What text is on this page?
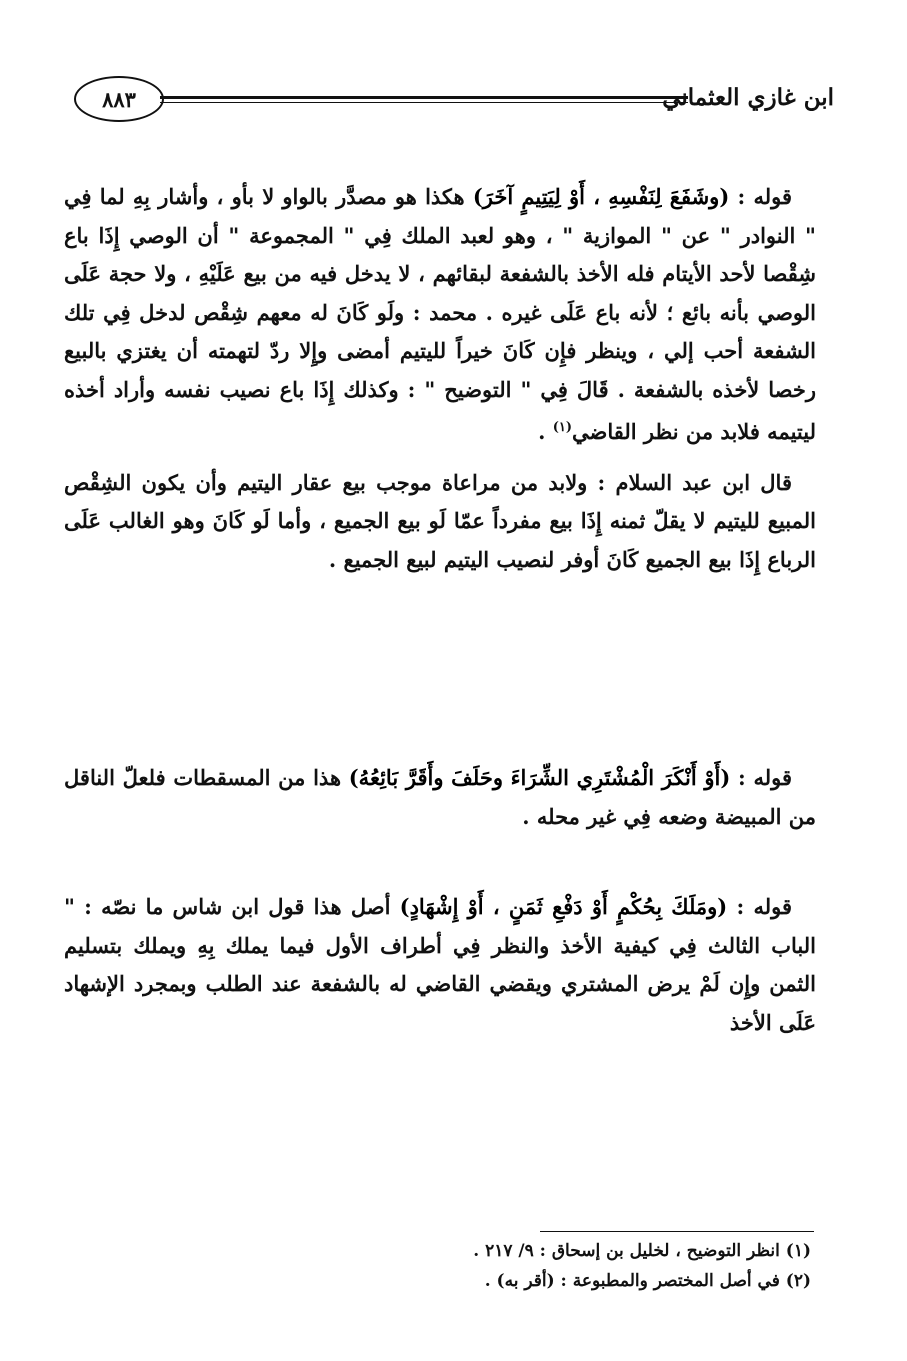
٨٨٣	ابن غازي العثماني

قوله : (وشَفَعَ لِنَفْسِهِ ، أَوْ لِيَتِيمٍ آخَرَ) هكذا هو مصدَّر بالواو لا بأو ، وأشار بِهِ لما فِي " النوادر " عن " الموازية " ، وهو لعبد الملك فِي " المجموعة " أن الوصي إِذَا باع شِقْصا لأحد الأيتام فله الأخذ بالشفعة لبقائهم ، لا يدخل فيه من بيع عَلَيْهِ ، ولا حجة عَلَى الوصي بأنه بائع ؛ لأنه باع عَلَى غيره . محمد : ولَو كَانَ له معهم شِقْص لدخل فِي تلك الشفعة أحب إلي ، وينظر فإِن كَانَ خيراً لليتيم أمضى وإِلا ردّ لتهمته أن يغتزي بالبيع رخصا لأخذه بالشفعة . قَالَ فِي " التوضيح " : وكذلك إِذَا باع نصيب نفسه وأراد أخذه ليتيمه فلابد من نظر القاضي$^{(١)}$ .

قال ابن عبد السلام : ولابد من مراعاة موجب بيع عقار اليتيم وأن يكون الشِقْص المبيع لليتيم لا يقلّ ثمنه إِذَا بيع مفرداً عمّا لَو بيع الجميع ، وأما لَو كَانَ وهو الغالب عَلَى الرباع إِذَا بيع الجميع كَانَ أوفر لنصيب اليتيم لبيع الجميع .

قوله : (أَوْ أَنْكَرَ الْمُشْتَرِي الشِّرَاءَ وحَلَفَ وأَقَرَّ بَائِعُهُ) هذا من المسقطات فلعلّ الناقل من المبيضة وضعه فِي غير محله .

قوله : (ومَلَكَ بِحُكْمٍ أَوْ دَفْعِ ثَمَنٍ ، أَوْ إِشْهَادٍ) أصل هذا قول ابن شاس ما نصّه : " الباب الثالث فِي كيفية الأخذ والنظر فِي أطراف الأول فيما يملك بِهِ ويملك بتسليم الثمن وإِن لَمْ يرض المشتري ويقضي القاضي له بالشفعة عند الطلب وبمجرد الإشهاد عَلَى الأخذ

(١) انظر التوضيح ، لخليل بن إسحاق : ٩/ ٢١٧ .

(٢) في أصل المختصر والمطبوعة : (أقر به) .
